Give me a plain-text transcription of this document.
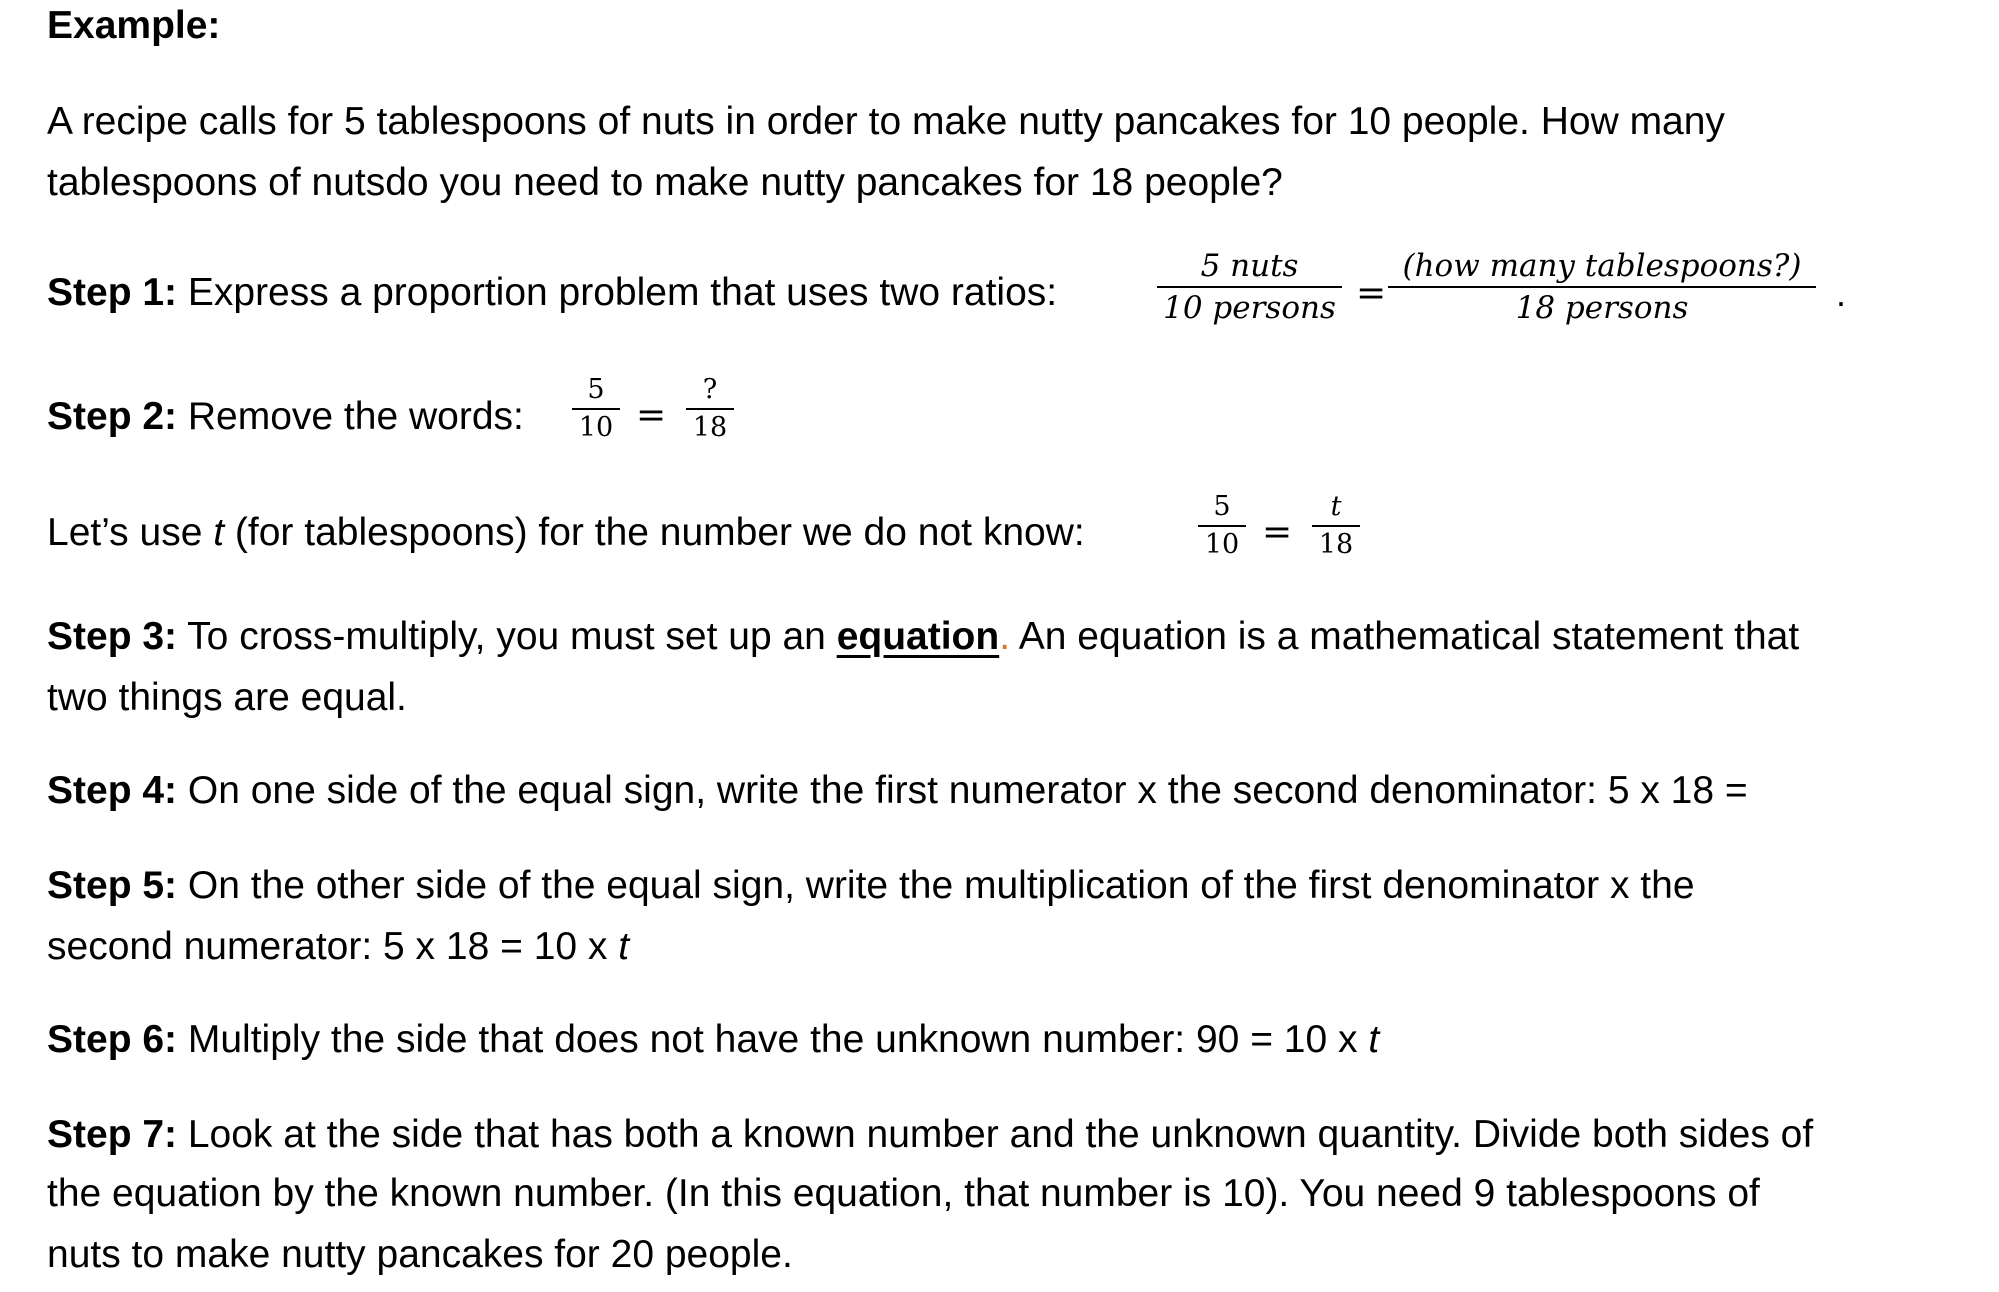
Example:
A recipe calls for 5 tablespoons of nuts in order to make nutty pancakes for 10 people. How many
tablespoons of nutsdo you need to make nutty pancakes for 18 people?
Step 1: Express a proportion problem that uses two ratios:
5 nuts
10 persons =
(how many tablespoons?)
18 persons	.
Step 2: Remove the words:
5
10 =
?
18
Let’s use t (for tablespoons) for the number we do not know:
5
10 =
t
18
Step 3: To cross-multiply, you must set up an equation. An equation is a mathematical statement that
two things are equal.
Step 4: On one side of the equal sign, write the first numerator x the second denominator: 5 x 18 =
Step 5: On the other side of the equal sign, write the multiplication of the first denominator x the
second numerator: 5 x 18 = 10 x t
Step 6: Multiply the side that does not have the unknown number: 90 = 10 x t
Step 7: Look at the side that has both a known number and the unknown quantity. Divide both sides of
the equation by the known number. (In this equation, that number is 10). You need 9 tablespoons of
nuts to make nutty pancakes for 20 people.
